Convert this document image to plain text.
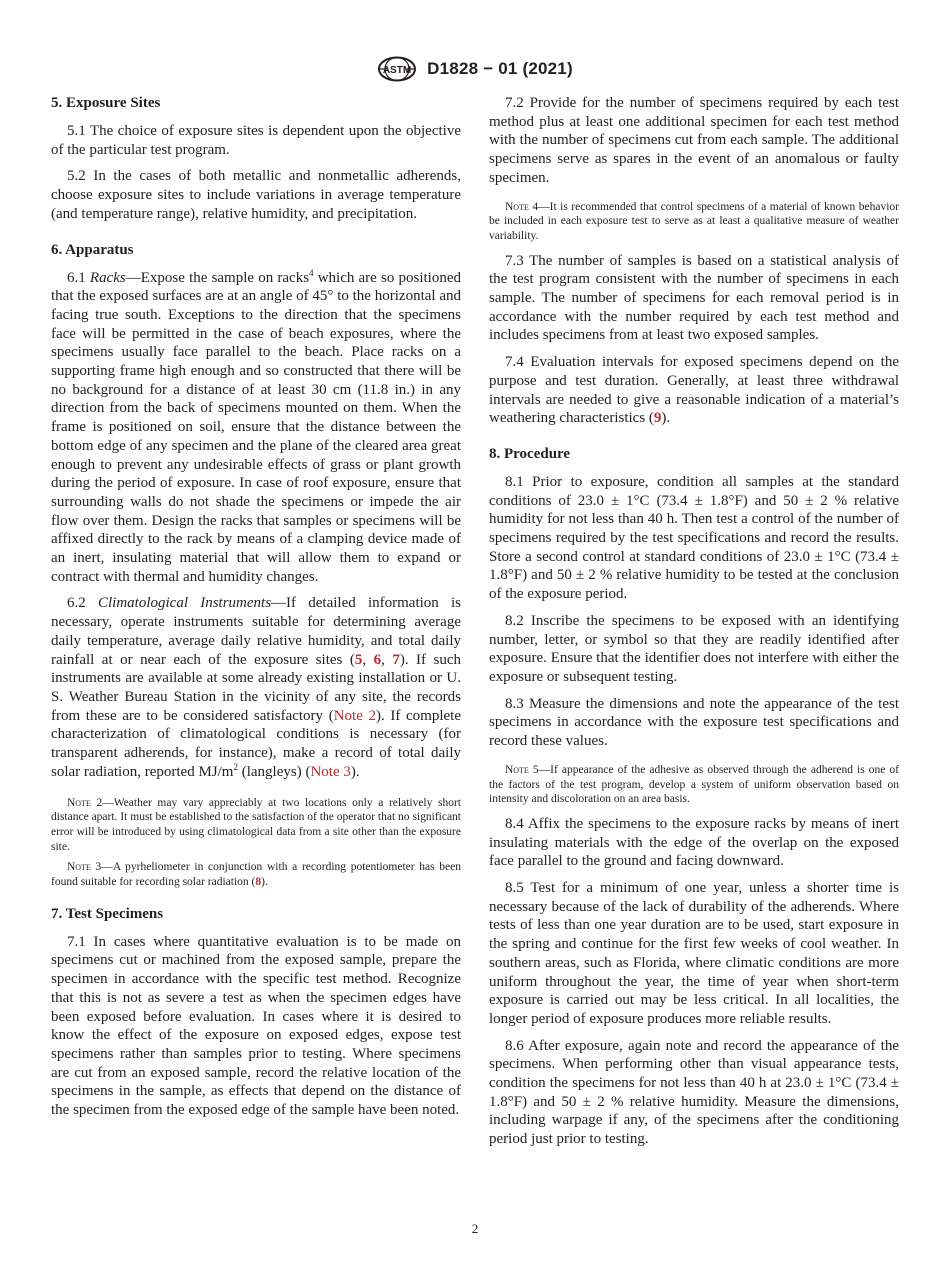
ASTM D1828 − 01 (2021)
5. Exposure Sites

5.1 The choice of exposure sites is dependent upon the objective of the particular test program.

5.2 In the cases of both metallic and nonmetallic adherends, choose exposure sites to include variations in average temperature (and temperature range), relative humidity, and precipitation.

6. Apparatus

6.1 Racks—Expose the sample on racks$^4$ which are so positioned that the exposed surfaces are at an angle of 45° to the horizontal and facing true south. Exceptions to the direction that the specimens face will be permitted in the case of beach exposures, where the specimens usually face parallel to the beach. Place racks on a supporting frame high enough and so constructed that there will be no background for a distance of at least 30 cm (11.8 in.) in any direction from the back of specimens mounted on them. When the frame is positioned on soil, ensure that the distance between the bottom edge of any specimen and the plane of the cleared area great enough to prevent any undesirable effects of grass or plant growth during the period of exposure. In case of roof exposure, ensure that surrounding walls do not shade the specimens or impede the air flow over them. Design the racks that samples or specimens will be affixed directly to the rack by means of a clamping device made of an inert, insulating material that will allow them to expand or contract with thermal and humidity changes.

6.2 Climatological Instruments—If detailed information is necessary, operate instruments suitable for determining average daily temperature, average daily relative humidity, and total daily rainfall at or near each of the exposure sites (5, 6, 7). If such instruments are available at some already existing installation or U. S. Weather Bureau Station in the vicinity of any site, the records from these are to be considered satisfactory (Note 2). If complete characterization of climatological conditions is necessary (for transparent adherends, for instance), make a record of total daily solar radiation, reported $MJ/m^2$ (langleys) (Note 3).

Note 2—Weather may vary appreciably at two locations only a relatively short distance apart. It must be established to the satisfaction of the operator that no significant error will be introduced by using climatological data from a site other than the exposure site.

Note 3—A pyrheliometer in conjunction with a recording potentiometer has been found suitable for recording solar radiation (8).

7. Test Specimens

7.1 In cases where quantitative evaluation is to be made on specimens cut or machined from the exposed sample, prepare the specimen in accordance with the specific test method. Recognize that this is not as severe a test as when the specimen edges have been exposed before evaluation. In cases where it is desired to know the effect of the exposure on exposed edges, expose test specimens rather than samples prior to testing. Where specimens are cut from an exposed sample, record the relative location of the specimens in the sample, as effects that depend on the distance of the specimen from the exposed edge of the sample have been noted.

7.2 Provide for the number of specimens required by each test method plus at least one additional specimen for each test method with the number of specimens cut from each sample. The additional specimens serve as spares in the event of an anomalous or faulty specimen.

Note 4—It is recommended that control specimens of a material of known behavior be included in each exposure test to serve as at least a qualitative measure of weather variability.

7.3 The number of samples is based on a statistical analysis of the test program consistent with the number of specimens in each sample. The number of specimens for each removal period is in accordance with the number required by each test method and includes specimens from at least two exposed samples.

7.4 Evaluation intervals for exposed specimens depend on the purpose and test duration. Generally, at least three withdrawal intervals are needed to give a reasonable indication of a material’s weathering characteristics (9).

8. Procedure

8.1 Prior to exposure, condition all samples at the standard conditions of 23.0 ± 1°C (73.4 ± 1.8°F) and 50 ± 2 % relative humidity for not less than 40 h. Then test a control of the number of specimens required by the test specifications and record the results. Store a second control at standard conditions of 23.0 ± 1°C (73.4 ± 1.8°F) and 50 ± 2 % relative humidity to be tested at the conclusion of the exposure period.

8.2 Inscribe the specimens to be exposed with an identifying number, letter, or symbol so that they are readily identified after exposure. Ensure that the identifier does not interfere with either the exposure or subsequent testing.

8.3 Measure the dimensions and note the appearance of the test specimens in accordance with the exposure test specifications and record these values.

Note 5—If appearance of the adhesive as observed through the adherend is one of the factors of the test program, develop a system of uniform observation based on intensity and discoloration on an area basis.

8.4 Affix the specimens to the exposure racks by means of inert insulating materials with the edge of the overlap on the exposed face parallel to the ground and facing downward.

8.5 Test for a minimum of one year, unless a shorter time is necessary because of the lack of durability of the adherends. Where tests of less than one year duration are to be used, start exposure in the spring and continue for the first few weeks of cool weather. In southern areas, such as Florida, where climatic conditions are more uniform throughout the year, the time of year when short-term exposure is carried out may be less critical. In all localities, the longer period of exposure produces more reliable results.

8.6 After exposure, again note and record the appearance of the specimens. When performing other than visual appearance tests, condition the specimens for not less than 40 h at 23.0 ± 1°C (73.4 ± 1.8°F) and 50 ± 2 % relative humidity. Measure the dimensions, including warpage if any, of the specimens after the conditioning period just prior to testing.

2
